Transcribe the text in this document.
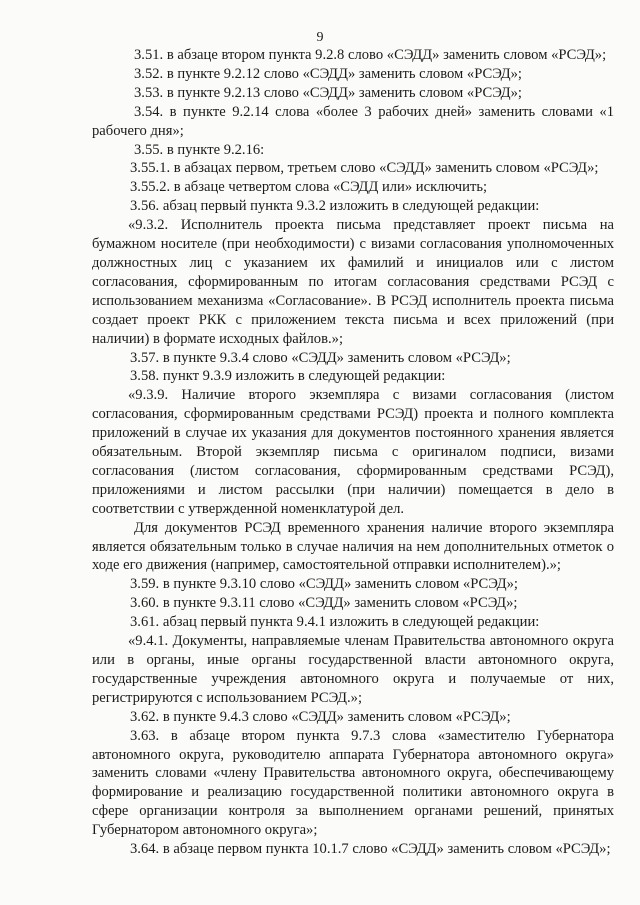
9

3.51. в абзаце втором пункта 9.2.8 слово «СЭДД» заменить словом «РСЭД»;

3.52. в пункте 9.2.12 слово «СЭДД» заменить словом «РСЭД»;

3.53. в пункте 9.2.13 слово «СЭДД» заменить словом «РСЭД»;

3.54. в пункте 9.2.14 слова «более 3 рабочих дней» заменить словами «1 рабочего дня»;

3.55. в пункте 9.2.16:

3.55.1. в абзацах первом, третьем слово «СЭДД» заменить словом «РСЭД»;

3.55.2. в абзаце четвертом слова «СЭДД или» исключить;

3.56. абзац первый пункта 9.3.2 изложить в следующей редакции:

«9.3.2. Исполнитель проекта письма представляет проект письма на бумажном носителе (при необходимости) с визами согласования уполномоченных должностных лиц с указанием их фамилий и инициалов или с листом согласования, сформированным по итогам согласования средствами РСЭД с использованием механизма «Согласование». В РСЭД исполнитель проекта письма создает проект РКК с приложением текста письма и всех приложений (при наличии) в формате исходных файлов.»;

3.57. в пункте 9.3.4 слово «СЭДД» заменить словом «РСЭД»;

3.58. пункт 9.3.9 изложить в следующей редакции:

«9.3.9. Наличие второго экземпляра с визами согласования (листом согласования, сформированным средствами РСЭД) проекта и полного комплекта приложений в случае их указания для документов постоянного хранения является обязательным. Второй экземпляр письма с оригиналом подписи, визами согласования (листом согласования, сформированным средствами РСЭД), приложениями и листом рассылки (при наличии) помещается в дело в соответствии с утвержденной номенклатурой дел.

Для документов РСЭД временного хранения наличие второго экземпляра является обязательным только в случае наличия на нем дополнительных отметок о ходе его движения (например, самостоятельной отправки исполнителем).»;

3.59. в пункте 9.3.10 слово «СЭДД» заменить словом «РСЭД»;

3.60. в пункте 9.3.11 слово «СЭДД» заменить словом «РСЭД»;

3.61. абзац первый пункта 9.4.1 изложить в следующей редакции:

«9.4.1. Документы, направляемые членам Правительства автономного округа или в органы, иные органы государственной власти автономного округа, государственные учреждения автономного округа и получаемые от них, регистрируются с использованием РСЭД.»;

3.62. в пункте 9.4.3 слово «СЭДД» заменить словом «РСЭД»;

3.63. в абзаце втором пункта 9.7.3 слова «заместителю Губернатора автономного округа, руководителю аппарата Губернатора автономного округа» заменить словами «члену Правительства автономного округа, обеспечивающему формирование и реализацию государственной политики автономного округа в сфере организации контроля за выполнением органами решений, принятых Губернатором автономного округа»;

3.64. в абзаце первом пункта 10.1.7 слово «СЭДД» заменить словом «РСЭД»;
